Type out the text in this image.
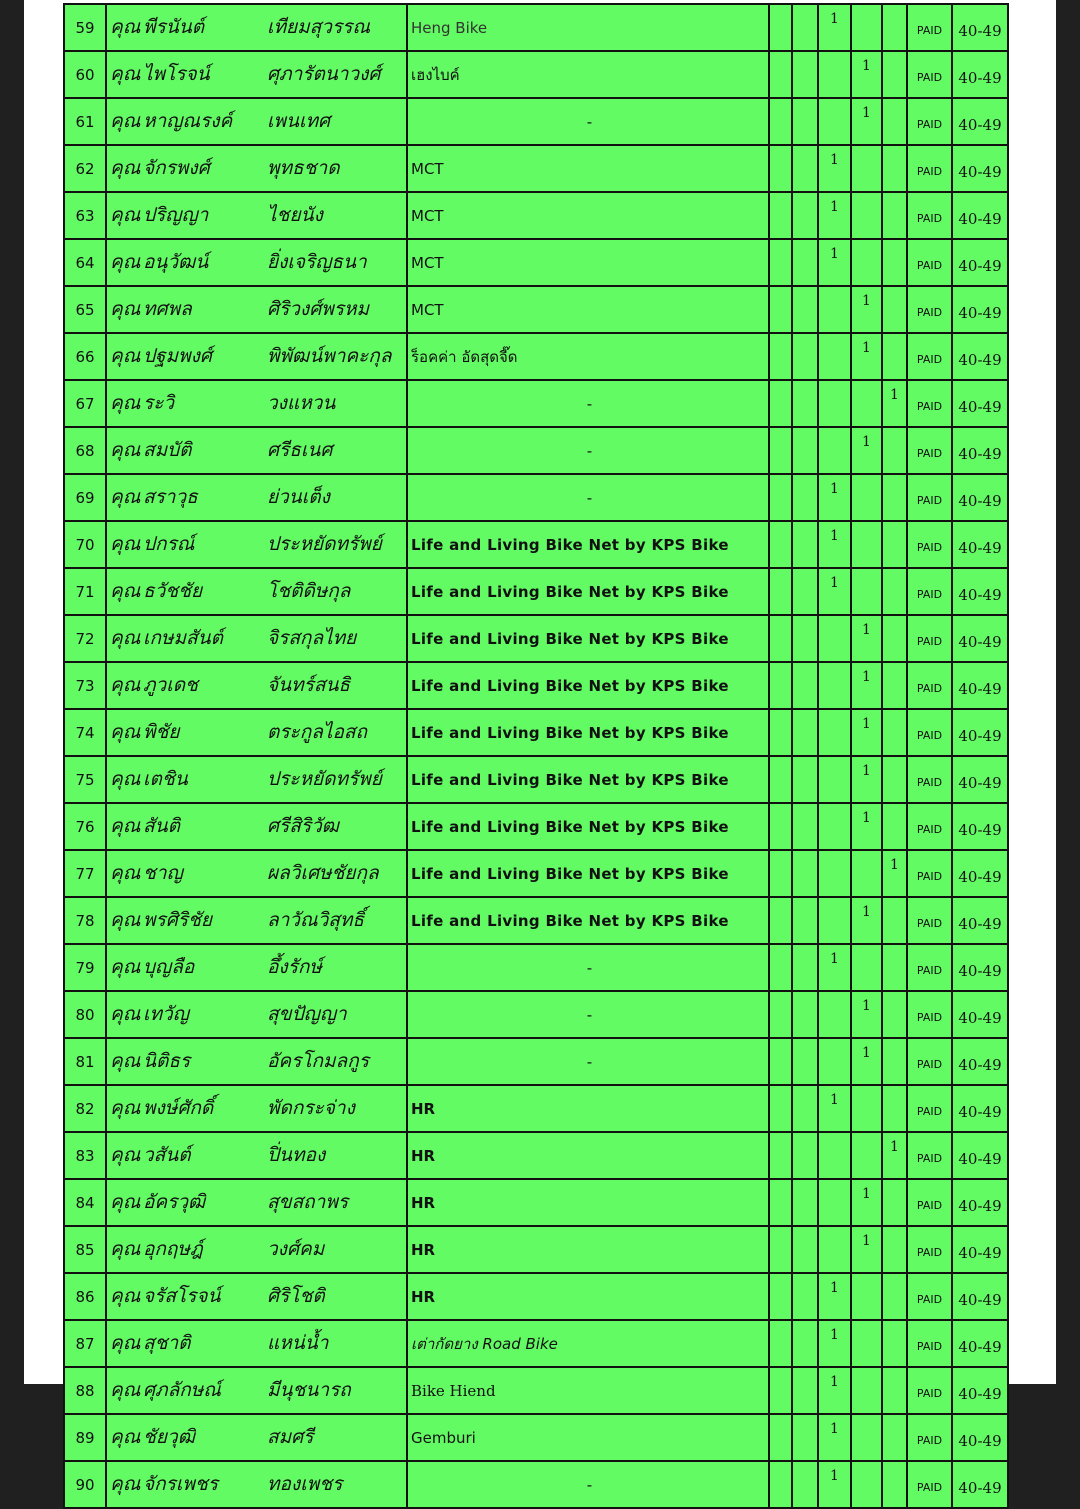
59	คุณ พีรนันต์ เทียมสุวรรณ	Heng Bike			1			PAID	40-49
60	คุณ ไพโรจน์ ศุภารัตนาวงศ์	เฮงไบค์				1		PAID	40-49
61	คุณ หาญณรงค์ เพนเทศ	-				1		PAID	40-49
62	คุณ จักรพงศ์ พุทธชาด	MCT			1			PAID	40-49
63	คุณ ปริญญา ไชยนัง	MCT			1			PAID	40-49
64	คุณ อนุวัฒน์ ยิ่งเจริญธนา	MCT			1			PAID	40-49
65	คุณ ทศพล ศิริวงศ์พรหม	MCT				1		PAID	40-49
66	คุณ ปฐมพงศ์ พิพัฒน์พาคะกุล	ร็อคค่า อัดสุดจี๊ด				1		PAID	40-49
67	คุณ ระวิ วงแหวน	-					1	PAID	40-49
68	คุณ สมบัติ ศรีธเนศ	-				1		PAID	40-49
69	คุณ สราวุธ ย่วนเต็ง	-			1			PAID	40-49
70	คุณ ปกรณ์ ประหยัดทรัพย์	Life and Living Bike Net by KPS Bike			1			PAID	40-49
71	คุณ ธวัชชัย โชติดิษกุล	Life and Living Bike Net by KPS Bike			1			PAID	40-49
72	คุณ เกษมสันต์ จิรสกุลไทย	Life and Living Bike Net by KPS Bike				1		PAID	40-49
73	คุณ ภูวเดช จันทร์สนธิ	Life and Living Bike Net by KPS Bike				1		PAID	40-49
74	คุณ พิชัย ตระกูลไอสถ	Life and Living Bike Net by KPS Bike				1		PAID	40-49
75	คุณ เตชิน ประหยัดทรัพย์	Life and Living Bike Net by KPS Bike				1		PAID	40-49
76	คุณ สันติ ศรีสิริวัฒ	Life and Living Bike Net by KPS Bike				1		PAID	40-49
77	คุณ ชาญ ผลวิเศษชัยกุล	Life and Living Bike Net by KPS Bike					1	PAID	40-49
78	คุณ พรศิริชัย ลาวัณวิสุทธิ์	Life and Living Bike Net by KPS Bike				1		PAID	40-49
79	คุณ บุญลือ อึ้งรักษ์	-			1			PAID	40-49
80	คุณ เทวัญ สุขปัญญา	-				1		PAID	40-49
81	คุณ นิติธร อัครโกมลกูร	-				1		PAID	40-49
82	คุณ พงษ์ศักดิ์ พัดกระจ่าง	HR			1			PAID	40-49
83	คุณ วสันต์ ปิ่นทอง	HR					1	PAID	40-49
84	คุณ อัครวุฒิ สุขสถาพร	HR				1		PAID	40-49
85	คุณ อุกฤษฎ์ วงศ์คม	HR				1		PAID	40-49
86	คุณ จรัสโรจน์ ศิริโชติ	HR			1			PAID	40-49
87	คุณ สุชาติ แหน่น้ำ	เต่ากัดยาง Road Bike			1			PAID	40-49
88	คุณ ศุภลักษณ์ มีนุชนารถ	Bike Hiend			1			PAID	40-49
89	คุณ ชัยวุฒิ สมศรี	Gemburi			1			PAID	40-49
90	คุณ จักรเพชร ทองเพชร	-			1			PAID	40-49
